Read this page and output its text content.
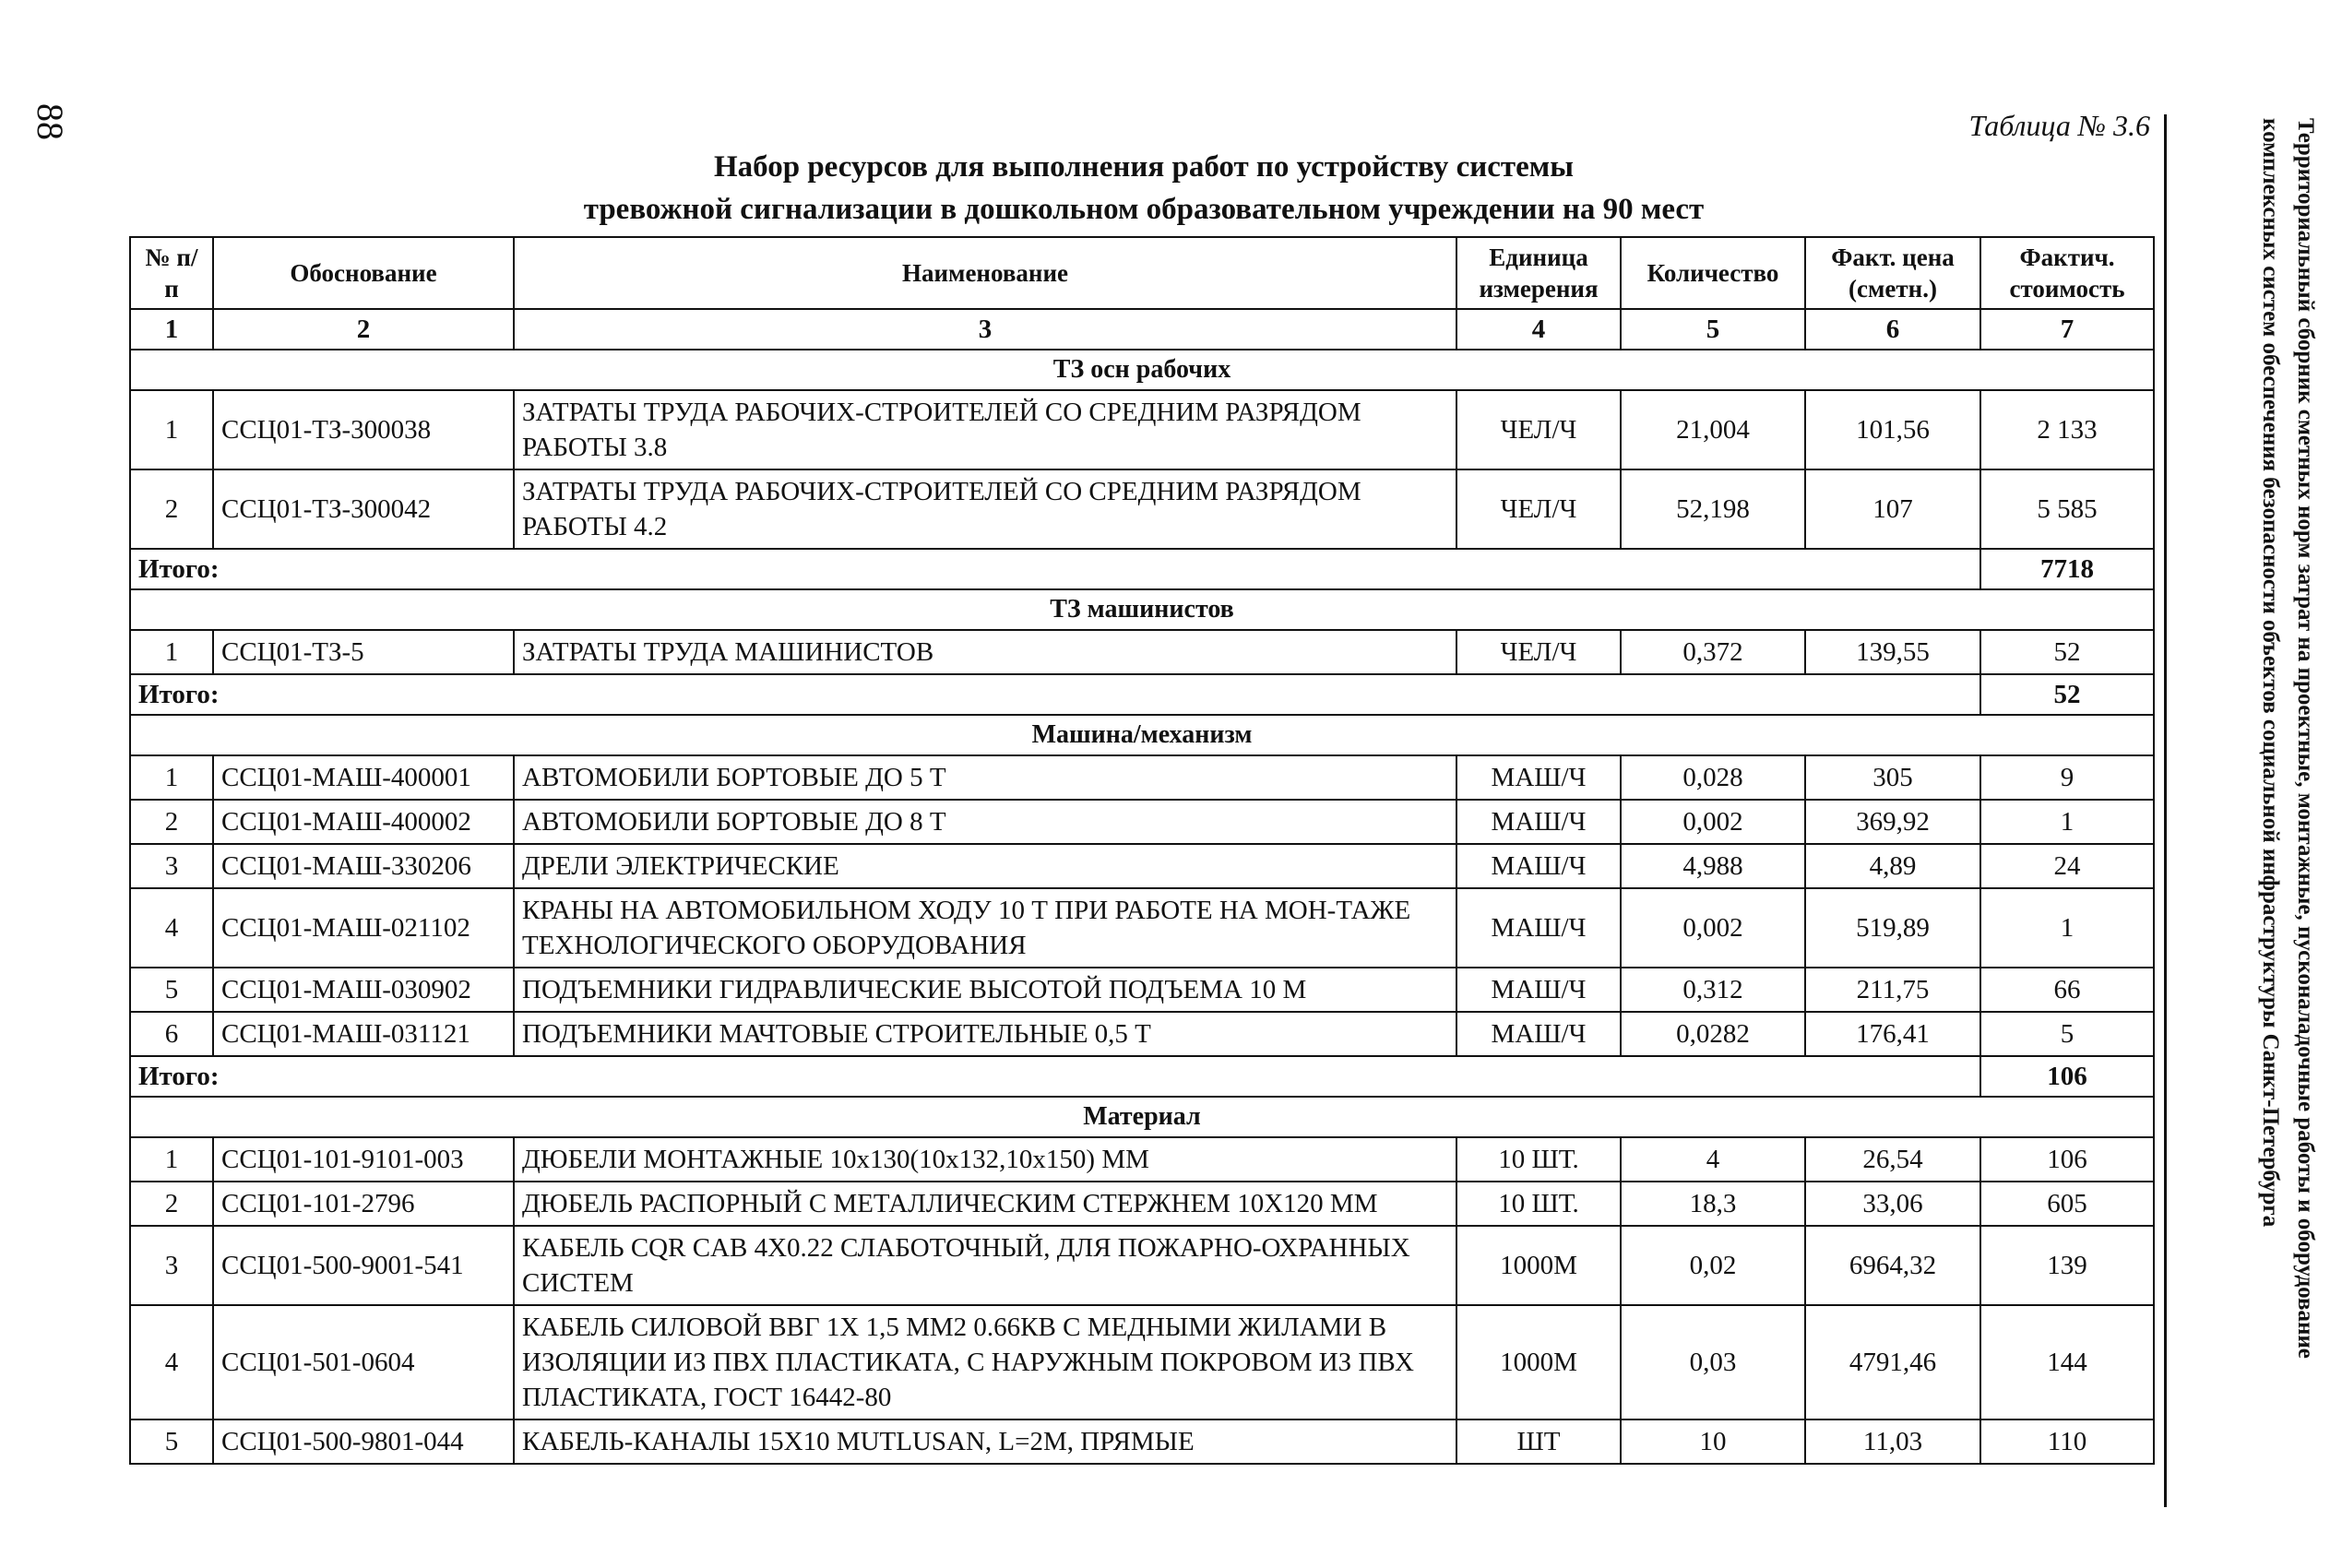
88	Территориальный сборник сметных норм затрат на проектные, монтажные, пусконаладочные работы и оборудование комплексных систем обеспечения безопасности объектов социальной инфраструктуры Санкт-Петербурга
Таблица № 3.6
Набор ресурсов для выполнения работ по устройству системы
тревожной сигнализации в дошкольном образовательном учреждении на 90 мест
№ п/п	Обоснование	Наименование	Единица измерения	Количество	Факт. цена (сметн.)	Фактич. стоимость
1	2	3	4	5	6	7
ТЗ осн рабочих						
1	ССЦ01-ТЗ-300038	ЗАТРАТЫ ТРУДА РАБОЧИХ-СТРОИТЕЛЕЙ СО СРЕДНИМ РАЗРЯДОМ РАБОТЫ 3.8	ЧЕЛ/Ч	21,004	101,56	2 133
2	ССЦ01-ТЗ-300042	ЗАТРАТЫ ТРУДА РАБОЧИХ-СТРОИТЕЛЕЙ СО СРЕДНИМ РАЗРЯДОМ РАБОТЫ 4.2	ЧЕЛ/Ч	52,198	107	5 585
Итого:						7718
ТЗ машинистов						
1	ССЦ01-ТЗ-5	ЗАТРАТЫ ТРУДА МАШИНИСТОВ	ЧЕЛ/Ч	0,372	139,55	52
Итого:						52
Машина/механизм						
1	ССЦ01-МАШ-400001	АВТОМОБИЛИ БОРТОВЫЕ ДО 5 Т	МАШ/Ч	0,028	305	9
2	ССЦ01-МАШ-400002	АВТОМОБИЛИ БОРТОВЫЕ ДО 8 Т	МАШ/Ч	0,002	369,92	1
3	ССЦ01-МАШ-330206	ДРЕЛИ ЭЛЕКТРИЧЕСКИЕ	МАШ/Ч	4,988	4,89	24
4	ССЦ01-МАШ-021102	КРАНЫ НА АВТОМОБИЛЬНОМ ХОДУ 10 Т ПРИ РАБОТЕ НА МОН-ТАЖЕ ТЕХНОЛОГИЧЕСКОГО ОБОРУДОВАНИЯ	МАШ/Ч	0,002	519,89	1
5	ССЦ01-МАШ-030902	ПОДЪЕМНИКИ ГИДРАВЛИЧЕСКИЕ ВЫСОТОЙ ПОДЪЕМА 10 М	МАШ/Ч	0,312	211,75	66
6	ССЦ01-МАШ-031121	ПОДЪЕМНИКИ МАЧТОВЫЕ СТРОИТЕЛЬНЫЕ 0,5 Т	МАШ/Ч	0,0282	176,41	5
Итого:						106
Материал						
1	ССЦ01-101-9101-003	ДЮБЕЛИ МОНТАЖНЫЕ 10х130(10х132,10х150) ММ	10 ШТ.	4	26,54	106
2	ССЦ01-101-2796	ДЮБЕЛЬ РАСПОРНЫЙ С МЕТАЛЛИЧЕСКИМ СТЕРЖНЕМ 10Х120 ММ	10 ШТ.	18,3	33,06	605
3	ССЦ01-500-9001-541	КАБЕЛЬ CQR CAB 4X0.22 СЛАБОТОЧНЫЙ, ДЛЯ ПОЖАРНО-ОХРАННЫХ СИСТЕМ	1000М	0,02	6964,32	139
4	ССЦ01-501-0604	КАБЕЛЬ СИЛОВОЙ ВВГ 1Х 1,5 ММ2 0.66КВ С МЕДНЫМИ ЖИЛАМИ В ИЗОЛЯЦИИ ИЗ ПВХ ПЛАСТИКАТА, С НАРУЖНЫМ ПОКРОВОМ ИЗ ПВХ ПЛАСТИКАТА, ГОСТ 16442-80	1000М	0,03	4791,46	144
5	ССЦ01-500-9801-044	КАБЕЛЬ-КАНАЛЫ 15Х10 MUTLUSAN, L=2M, ПРЯМЫЕ	ШТ	10	11,03	110
